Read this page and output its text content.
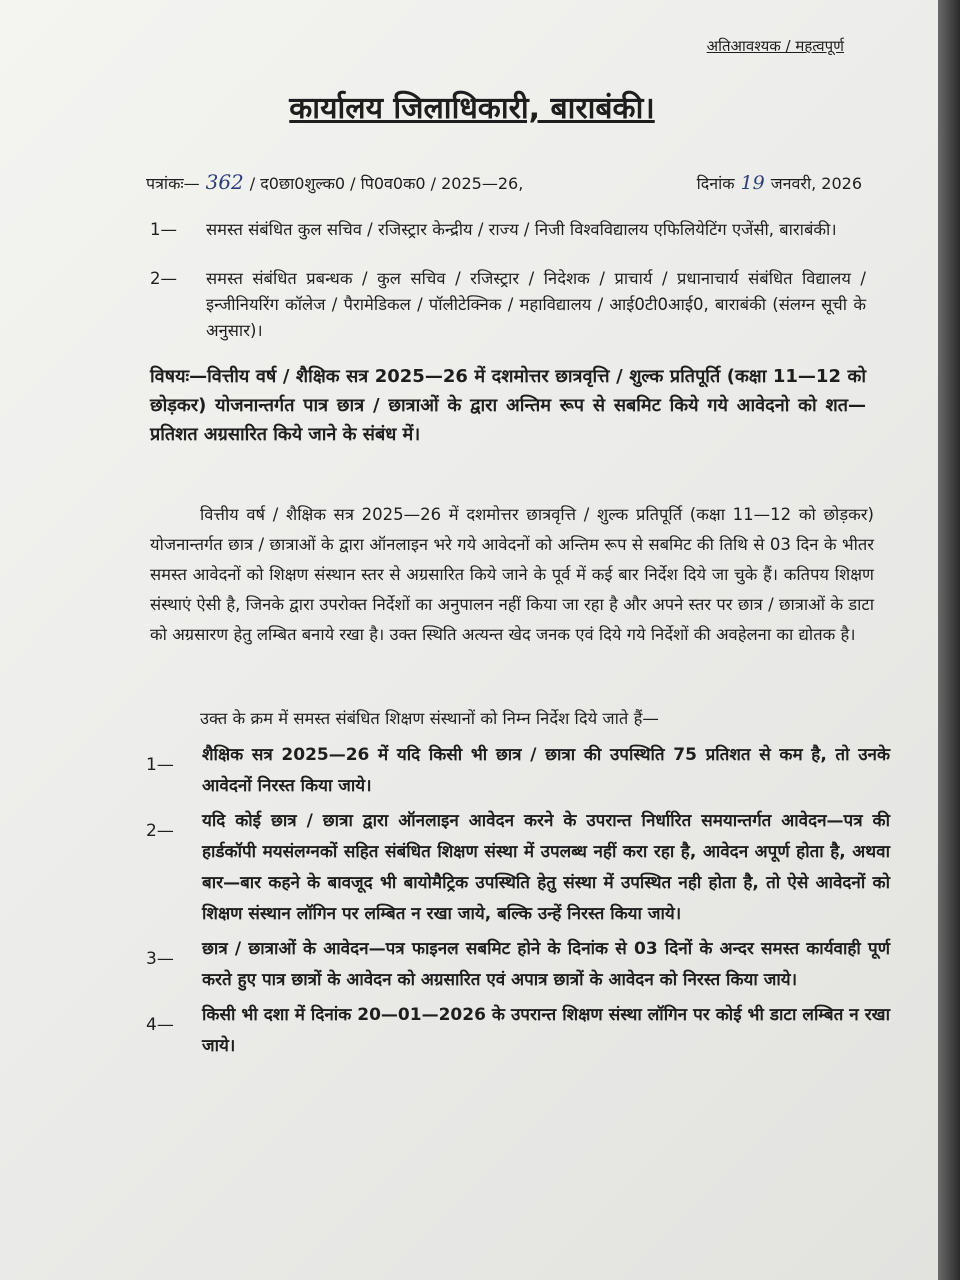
अतिआवश्यक / महत्वपूर्ण
कार्यालय जिलाधिकारी, बाराबंकी।
पत्रांकः— 362 / द0छा0शुल्क0 / पि0व0क0 / 2025—26,	दिनांक 19 जनवरी, 2026
1—	समस्त संबंधित कुल सचिव / रजिस्ट्रार केन्द्रीय / राज्य / निजी विश्वविद्यालय एफिलियेटिंग एजेंसी, बाराबंकी।
2—	समस्त संबंधित प्रबन्धक / कुल सचिव / रजिस्ट्रार / निदेशक / प्राचार्य / प्रधानाचार्य संबंधित विद्यालय / इन्जीनियरिंग कॉलेज / पैरामेडिकल / पॉलीटेक्निक / महाविद्यालय / आई0टी0आई0, बाराबंकी (संलग्न सूची के अनुसार)।
विषयः—वित्तीय वर्ष / शैक्षिक सत्र 2025—26 में दशमोत्तर छात्रवृत्ति / शुल्क प्रतिपूर्ति (कक्षा 11—12 को छोड़कर) योजनान्तर्गत पात्र छात्र / छात्राओं के द्वारा अन्तिम रूप से सबमिट किये गये आवेदनो को शत—प्रतिशत अग्रसारित किये जाने के संबंध में।
वित्तीय वर्ष / शैक्षिक सत्र 2025—26 में दशमोत्तर छात्रवृत्ति / शुल्क प्रतिपूर्ति (कक्षा 11—12 को छोड़कर) योजनान्तर्गत छात्र / छात्राओं के द्वारा ऑनलाइन भरे गये आवेदनों को अन्तिम रूप से सबमिट की तिथि से 03 दिन के भीतर समस्त आवेदनों को शिक्षण संस्थान स्तर से अग्रसारित किये जाने के पूर्व में कई बार निर्देश दिये जा चुके हैं। कतिपय शिक्षण संस्थाएं ऐसी है, जिनके द्वारा उपरोक्त निर्देशों का अनुपालन नहीं किया जा रहा है और अपने स्तर पर छात्र / छात्राओं के डाटा को अग्रसारण हेतु लम्बित बनाये रखा है। उक्त स्थिति अत्यन्त खेद जनक एवं दिये गये निर्देशों की अवहेलना का द्योतक है।
उक्त के क्रम में समस्त संबंधित शिक्षण संस्थानों को निम्न निर्देश दिये जाते हैं—
1—	शैक्षिक सत्र 2025—26 में यदि किसी भी छात्र / छात्रा की उपस्थिति 75 प्रतिशत से कम है, तो उनके आवेदनों निरस्त किया जाये।
2—	यदि कोई छात्र / छात्रा द्वारा ऑनलाइन आवेदन करने के उपरान्त निर्धारित समयान्तर्गत आवेदन—पत्र की हार्डकॉपी मयसंलग्नकों सहित संबंधित शिक्षण संस्था में उपलब्ध नहीं करा रहा है, आवेदन अपूर्ण होता है, अथवा बार—बार कहने के बावजूद भी बायोमैट्रिक उपस्थिति हेतु संस्था में उपस्थित नही होता है, तो ऐसे आवेदनों को शिक्षण संस्थान लॉगिन पर लम्बित न रखा जाये, बल्कि उन्हें निरस्त किया जाये।
3—	छात्र / छात्राओं के आवेदन—पत्र फाइनल सबमिट होने के दिनांक से 03 दिनों के अन्दर समस्त कार्यवाही पूर्ण करते हुए पात्र छात्रों के आवेदन को अग्रसारित एवं अपात्र छात्रों के आवेदन को निरस्त किया जाये।
4—	किसी भी दशा में दिनांक 20—01—2026 के उपरान्त शिक्षण संस्था लॉगिन पर कोई भी डाटा लम्बित न रखा जाये।
